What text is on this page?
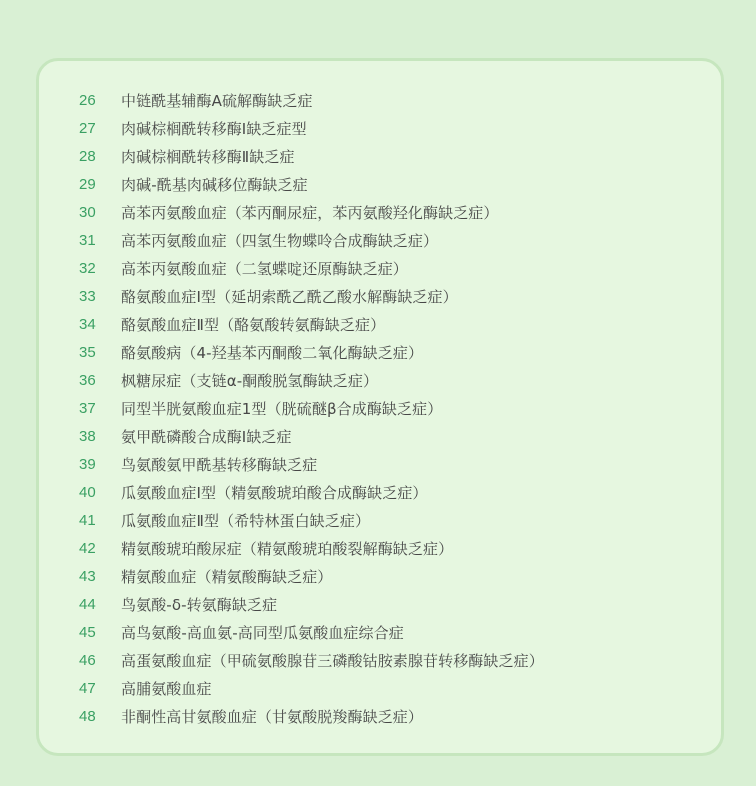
26	中链酰基辅酶A硫解酶缺乏症
27	肉碱棕榈酰转移酶Ⅰ缺乏症型
28	肉碱棕榈酰转移酶Ⅱ缺乏症
29	肉碱-酰基肉碱移位酶缺乏症
30	高苯丙氨酸血症（苯丙酮尿症，苯丙氨酸羟化酶缺乏症）
31	高苯丙氨酸血症（四氢生物蝶呤合成酶缺乏症）
32	高苯丙氨酸血症（二氢蝶啶还原酶缺乏症）
33	酪氨酸血症Ⅰ型（延胡索酰乙酰乙酸水解酶缺乏症）
34	酪氨酸血症Ⅱ型（酪氨酸转氨酶缺乏症）
35	酪氨酸病（4-羟基苯丙酮酸二氧化酶缺乏症）
36	枫糖尿症（支链α-酮酸脱氢酶缺乏症）
37	同型半胱氨酸血症1型（胱硫醚β合成酶缺乏症）
38	氨甲酰磷酸合成酶Ⅰ缺乏症
39	鸟氨酸氨甲酰基转移酶缺乏症
40	瓜氨酸血症Ⅰ型（精氨酸琥珀酸合成酶缺乏症）
41	瓜氨酸血症Ⅱ型（希特林蛋白缺乏症）
42	精氨酸琥珀酸尿症（精氨酸琥珀酸裂解酶缺乏症）
43	精氨酸血症（精氨酸酶缺乏症）
44	鸟氨酸-δ-转氨酶缺乏症
45	高鸟氨酸-高血氨-高同型瓜氨酸血症综合症
46	高蛋氨酸血症（甲硫氨酸腺苷三磷酸钴胺素腺苷转移酶缺乏症）
47	高脯氨酸血症
48	非酮性高甘氨酸血症（甘氨酸脱羧酶缺乏症）
